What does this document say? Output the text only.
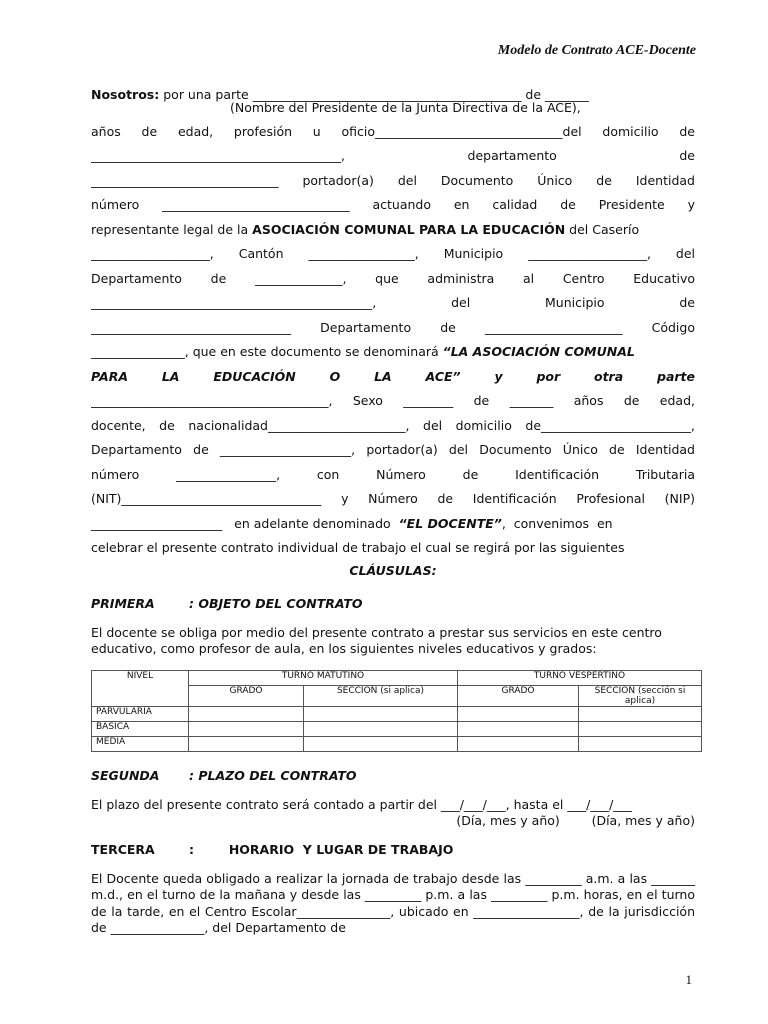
Modelo de Contrato ACE-Docente
Nosotros: por una parte ___________________________________________ de _______
(Nombre del Presidente de la Junta Directiva de la ACE),
años de edad, profesión u oficio______________________________del domicilio de
________________________________________, departamento de
______________________________ portador(a) del Documento Único de Identidad
número ______________________________ actuando en calidad de Presidente y
representante legal de la ASOCIACIÓN COMUNAL PARA LA EDUCACIÓN del Caserío
___________________, Cantón _________________, Municipio ___________________, del
Departamento de ______________, que administra al Centro Educativo
_____________________________________________, del Municipio de
________________________________ Departamento de ______________________ Código
_______________, que en este documento se denominará “LA ASOCIACIÓN COMUNAL
PARA LA EDUCACIÓN O LA ACE” y por otra parte
______________________________________, Sexo ________ de _______ años de edad,
docente, de nacionalidad______________________, del domicilio de________________________,
Departamento de _____________________, portador(a) del Documento Único de Identidad
número ________________, con Número de Identificación Tributaria
(NIT)________________________________ y Número de Identificación Profesional (NIP)
_____________________   en adelante denominado  “EL DOCENTE”,  convenimos  en
celebrar el presente contrato individual de trabajo el cual se regirá por las siguientes
CLÁUSULAS:
PRIMERA	: OBJETO DEL CONTRATO
El docente se obliga por medio del presente contrato a prestar sus servicios en este centro educativo, como profesor de aula, en los siguientes niveles educativos y grados:
NIVEL	TURNO MATUTINO		TURNO VESPERTINO	
	GRADO	SECCION (si aplica)	GRADO	SECCION (sección si aplica)
PARVULARIA				
BASICA				
MEDIA				
SEGUNDA : PLAZO DEL CONTRATO
El plazo del presente contrato será contado a partir del ___/___/___, hasta el ___/___/___
(Día, mes y año)        (Día, mes y año)
TERCERA	:        HORARIO  Y LUGAR DE TRABAJO
El Docente queda obligado a realizar la jornada de trabajo desde las _________ a.m. a las _______ m.d., en el turno de la mañana y desde las _________ p.m. a las _________ p.m. horas, en el turno de la tarde, en el Centro Escolar_______________, ubicado en _________________, de la jurisdicción de _______________, del Departamento de
1
